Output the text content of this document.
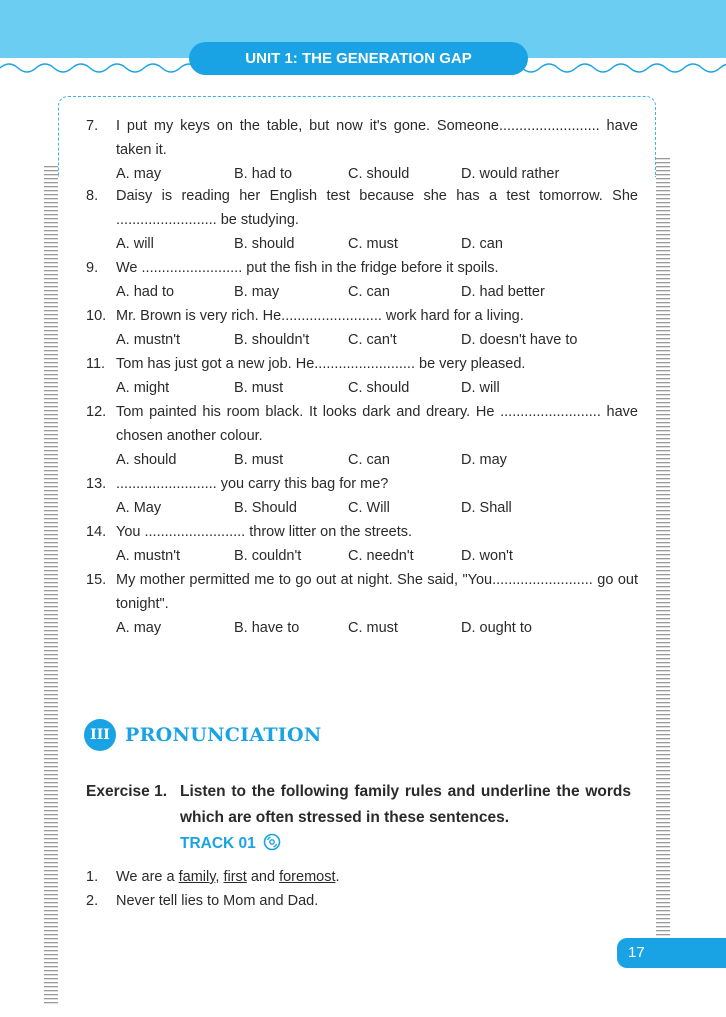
UNIT 1: THE GENERATION GAP
7. I put my keys on the table, but now it's gone. Someone......................... have taken it.
A. may	B. had to	C. should	D. would rather
8. Daisy is reading her English test because she has a test tomorrow. She ......................... be studying.
A. will	B. should	C. must	D. can
9. We ......................... put the fish in the fridge before it spoils.
A. had to	B. may	C. can	D. had better
10. Mr. Brown is very rich. He......................... work hard for a living.
A. mustn't	B. shouldn't	C. can't	D. doesn't have to
11. Tom has just got a new job. He......................... be very pleased.
A. might	B. must	C. should	D. will
12. Tom painted his room black. It looks dark and dreary. He ......................... have chosen another colour.
A. should	B. must	C. can	D. may
13. ......................... you carry this bag for me?
A. May	B. Should	C. Will	D. Shall
14. You ......................... throw litter on the streets.
A. mustn't	B. couldn't	C. needn't	D. won't
15. My mother permitted me to go out at night. She said, "You......................... go out tonight".
A. may	B. have to	C. must	D. ought to
III PRONUNCIATION
Exercise 1. Listen to the following family rules and underline the words which are often stressed in these sentences.
TRACK 01
1. We are a family, first and foremost.
2. Never tell lies to Mom and Dad.
17
